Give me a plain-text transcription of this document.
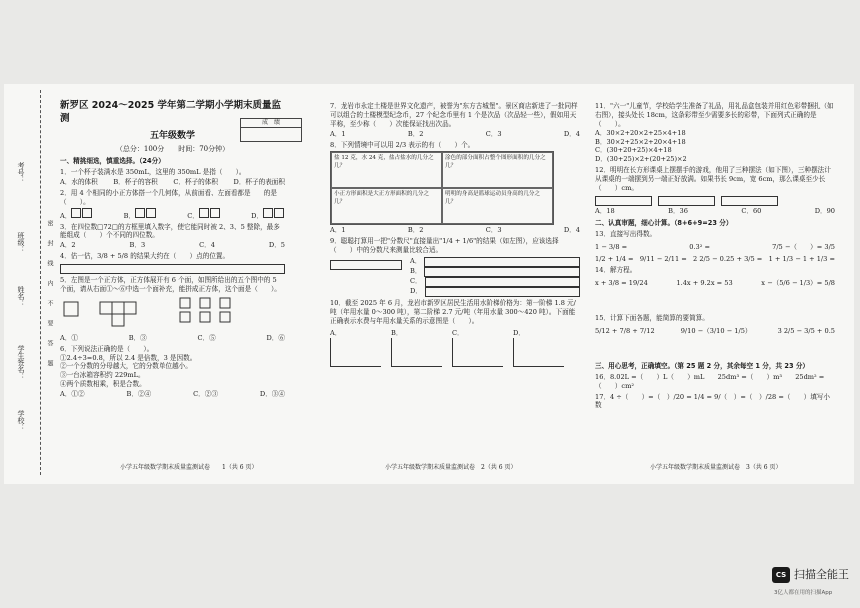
考号：
班级：
姓名：
学生签名：
学校：
密
封
线
内
不
要
答
题
新罗区 2024～2025 学年第二学期小学期末质量监测
五年级数学
（总分：100分　　时间：70分钟）
一、精挑细选，慎重选择。（24分）
1．一个杯子装满水是 350mL，这里的 350mL 是指（　　）。
A．水的体积 B．杯子的容积 C．杯子的体积 D．杯子的表面积
2．用 4 个相同的小正方体搭一个几何体，从前面看、左面看都是　　的是（　　）。
A．	B．	C．	D．
3．在四位数□72□的方框里填入数字，使它能同时被 2、3、5 整除，最多能组成（　　）个不同的四位数。
A．2	B．3	C．4	D．5
4．估一估，3/8 + 5/8 的结果大约在（　　）点的位置。
5．左图是一个正方体，正方体展开有 6 个面，如图所给出的五个图中的 5 个面，请从右面①～⑥中选一个面补充，能拼成正方体，这个面是（　　）。
A．①	B．③	C．⑤	D．⑥
6．下列说法正确的是（　　）。
①2.4÷3=0.8，所以 2.4 是倍数，3 是因数。
②一个分数的分母越大，它的分数单位越小。
③一台冰箱容积约 229mL。
④两个质数相乘，积是合数。
A．①②	B．②④	C．②③	D．③④
成　绩
小学五年级数学期末质量监测试卷　　1（共 6 页）
7．龙岩市永定土楼是世界文化遗产，被誉为"东方古城堡"。景区商店新进了一批同样可以组合的土楼模型纪念币，27 个纪念币里有 1 个是次品（次品轻一些），假如用天平称，至少称（　　）次能保证找出次品。
A．1	B．2	C．3	D．4
8．下列情境中可以用 2/3 表示的有（　　）个。
盐 12 克，水 24 克，盐占盐水的几分之几？
涂色的部分面积占整个图形面积的几分之几？
小正方形面积是大正方形面积的几分之几？
明明的身高是篮球运动员身高的几分之几？
A．1	B．2	C．3	D．4
9．聪聪打算用一把"分数尺"直接量出"1/4 + 1/6"的结果（如左图），应该选择（　　）中的分数尺来测量比较合适。
A．
B．
C．
D．
10．截至 2025 年 6 月，龙岩市新罗区居民生活用水阶梯价格为：第一阶梯 1.8 元/吨（年用水量 0～300 吨），第二阶梯 2.7 元/吨（年用水量 300～420 吨）。下面能正确表示水费与年用水量关系的示意图是（　　）。
A．	B．	C．	D．
小学五年级数学期末质量监测试卷　2（共 6 页）
11．"六一"儿童节，学校给学生准备了礼品，用礼品盒包装并用红色彩带捆扎（如右图），接头处长 18cm，这条彩带至少需要多长的彩带，下面列式正确的是（　　）。
A．30×2+20×2+25×4+18
B．30×2+25×2+20×4+18
C．(30+20+25)×4+18
D．(30+25)×2+(20+25)×2
12．明明在长方形课桌上摆摆手的游戏，他用了三种摆法（如下图），三种摆法计从课桌的一端摆到另一端正好放满。如果书长 9cm，宽 6cm，那么课桌至少长（　　）cm。
A．18	B．36	C．60	D．90
二、认真审题，细心计算。（8+6+9=23 分）
13．直接写出得数。
1 − 3/8 =	0.3² =	7/5 −（　　）= 3/5
1/2 + 1/4 = 9/11 − 2/11 = 2 2/5 − 0.25 + 3/5 = 1 + 1/3 − 1 + 1/3 =
14．解方程。
x + 3/8 = 19/24	1.4x + 9.2x = 53	x −（5/6 − 1/3）= 5/8
15．计算下面各题，能简算的要简算。
5/12 + 7/8 + 7/12	9/10 −（3/10 − 1/5）	3 2/5 − 3/5 + 0.5
三、用心思考，正确填空。（第 25 题 2 分，其余每空 1 分，共 23 分）
16．8.02L =（　　）L（　　）mL　　25dm³ =（　　）m³　　25dm² =（　　）cm²
17．4 ÷（　　）=（　）/20 = 1/4 = 9/（　）=（　）/28 =（　　）填写小数
小学五年级数学期末质量监测试卷　3（共 6 页）
CS 扫描全能王
3亿人都在用的扫描App
